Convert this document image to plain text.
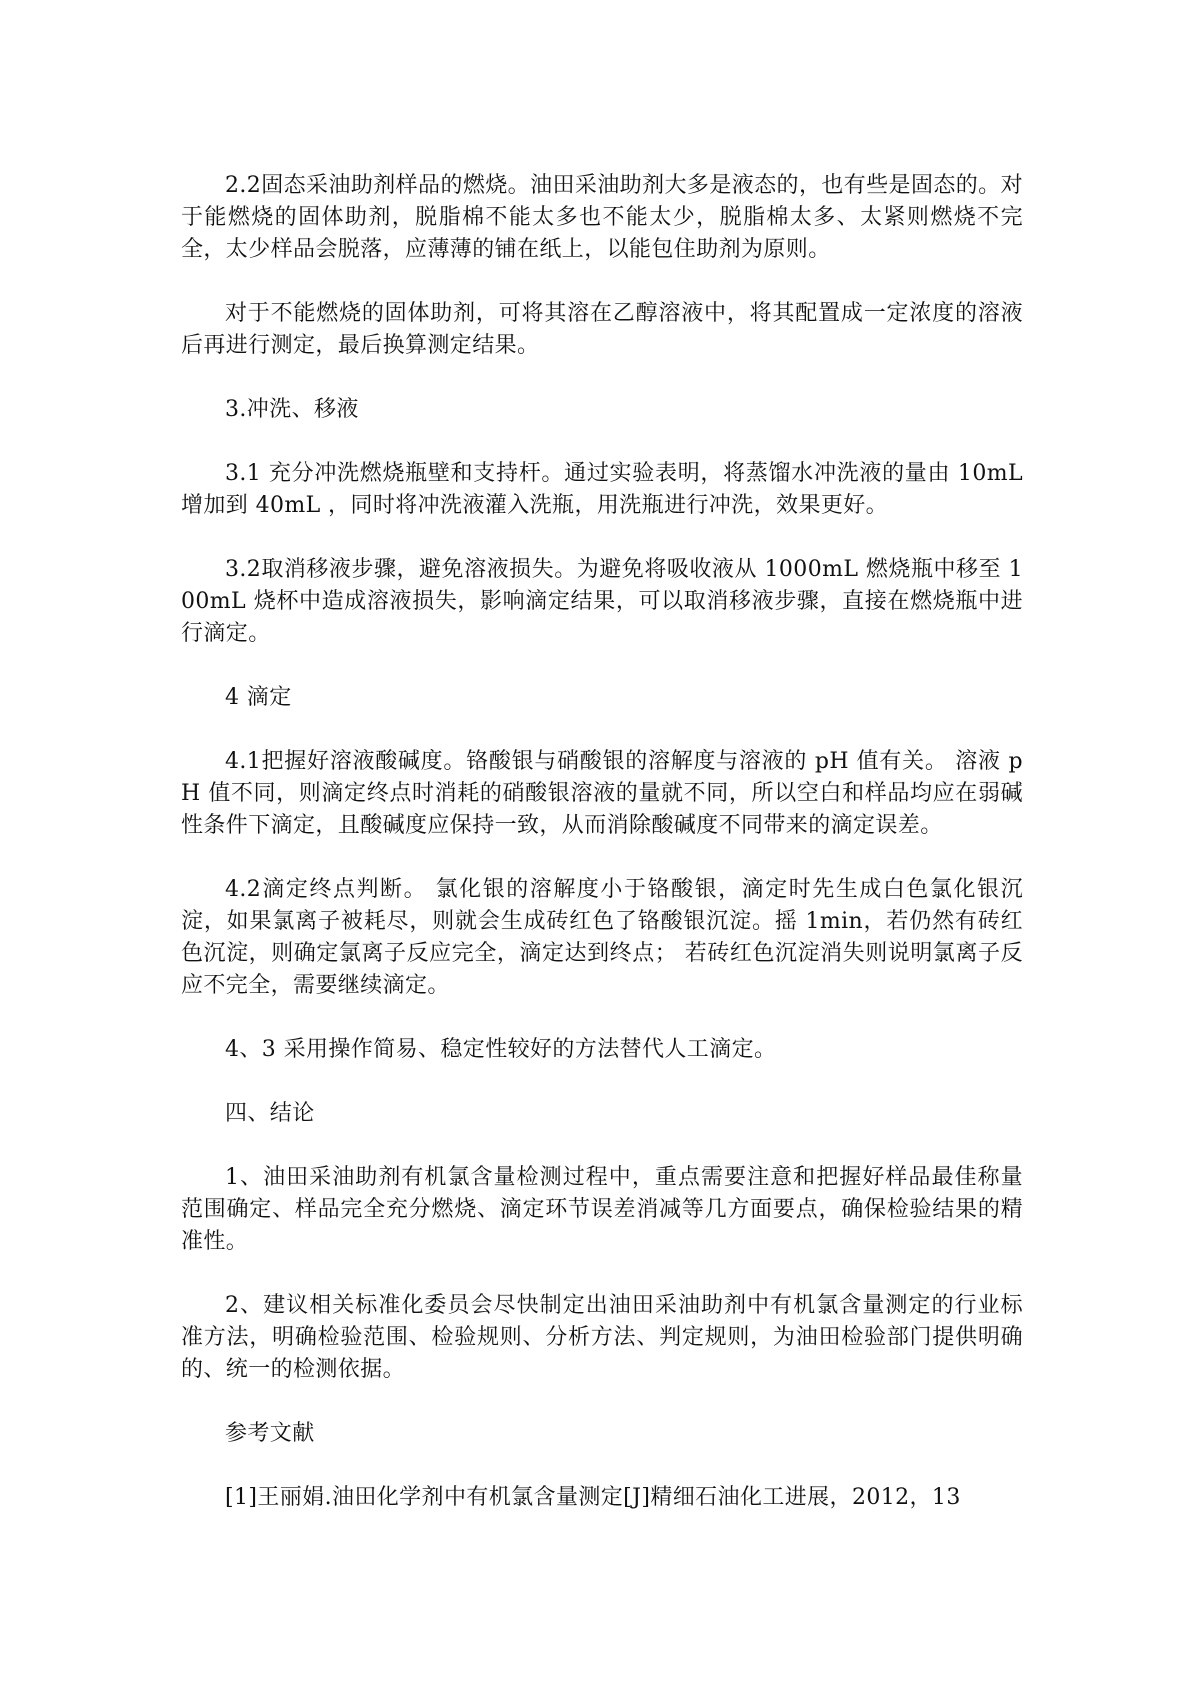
2.2固态采油助剂样品的燃烧。油田采油助剂大多是液态的，也有些是固态的。对于能燃烧的固体助剂，脱脂棉不能太多也不能太少，脱脂棉太多、太紧则燃烧不完全，太少样品会脱落，应薄薄的铺在纸上，以能包住助剂为原则。

对于不能燃烧的固体助剂，可将其溶在乙醇溶液中，将其配置成一定浓度的溶液后再进行测定，最后换算测定结果。

3.冲洗、移液

3.1 充分冲洗燃烧瓶壁和支持杆。通过实验表明，将蒸馏水冲洗液的量由 10mL 增加到 40mL ，同时将冲洗液灌入洗瓶，用洗瓶进行冲洗，效果更好。

3.2取消移液步骤，避免溶液损失。为避免将吸收液从 1000mL 燃烧瓶中移至 100mL 烧杯中造成溶液损失，影响滴定结果，可以取消移液步骤，直接在燃烧瓶中进行滴定。

4 滴定

4.1把握好溶液酸碱度。铬酸银与硝酸银的溶解度与溶液的 pH 值有关。 溶液 pH 值不同，则滴定终点时消耗的硝酸银溶液的量就不同，所以空白和样品均应在弱碱性条件下滴定，且酸碱度应保持一致，从而消除酸碱度不同带来的滴定误差。

4.2滴定终点判断。 氯化银的溶解度小于铬酸银，滴定时先生成白色氯化银沉淀，如果氯离子被耗尽，则就会生成砖红色了铬酸银沉淀。摇 1min，若仍然有砖红色沉淀，则确定氯离子反应完全，滴定达到终点； 若砖红色沉淀消失则说明氯离子反应不完全，需要继续滴定。

4、3 采用操作简易、稳定性较好的方法替代人工滴定。

四、结论

1、油田采油助剂有机氯含量检测过程中，重点需要注意和把握好样品最佳称量范围确定、样品完全充分燃烧、滴定环节误差消减等几方面要点，确保检验结果的精准性。

2、建议相关标准化委员会尽快制定出油田采油助剂中有机氯含量测定的行业标准方法，明确检验范围、检验规则、分析方法、判定规则，为油田检验部门提供明确的、统一的检测依据。

参考文献

[1]王丽娟.油田化学剂中有机氯含量测定[J]精细石油化工进展，2012，13
